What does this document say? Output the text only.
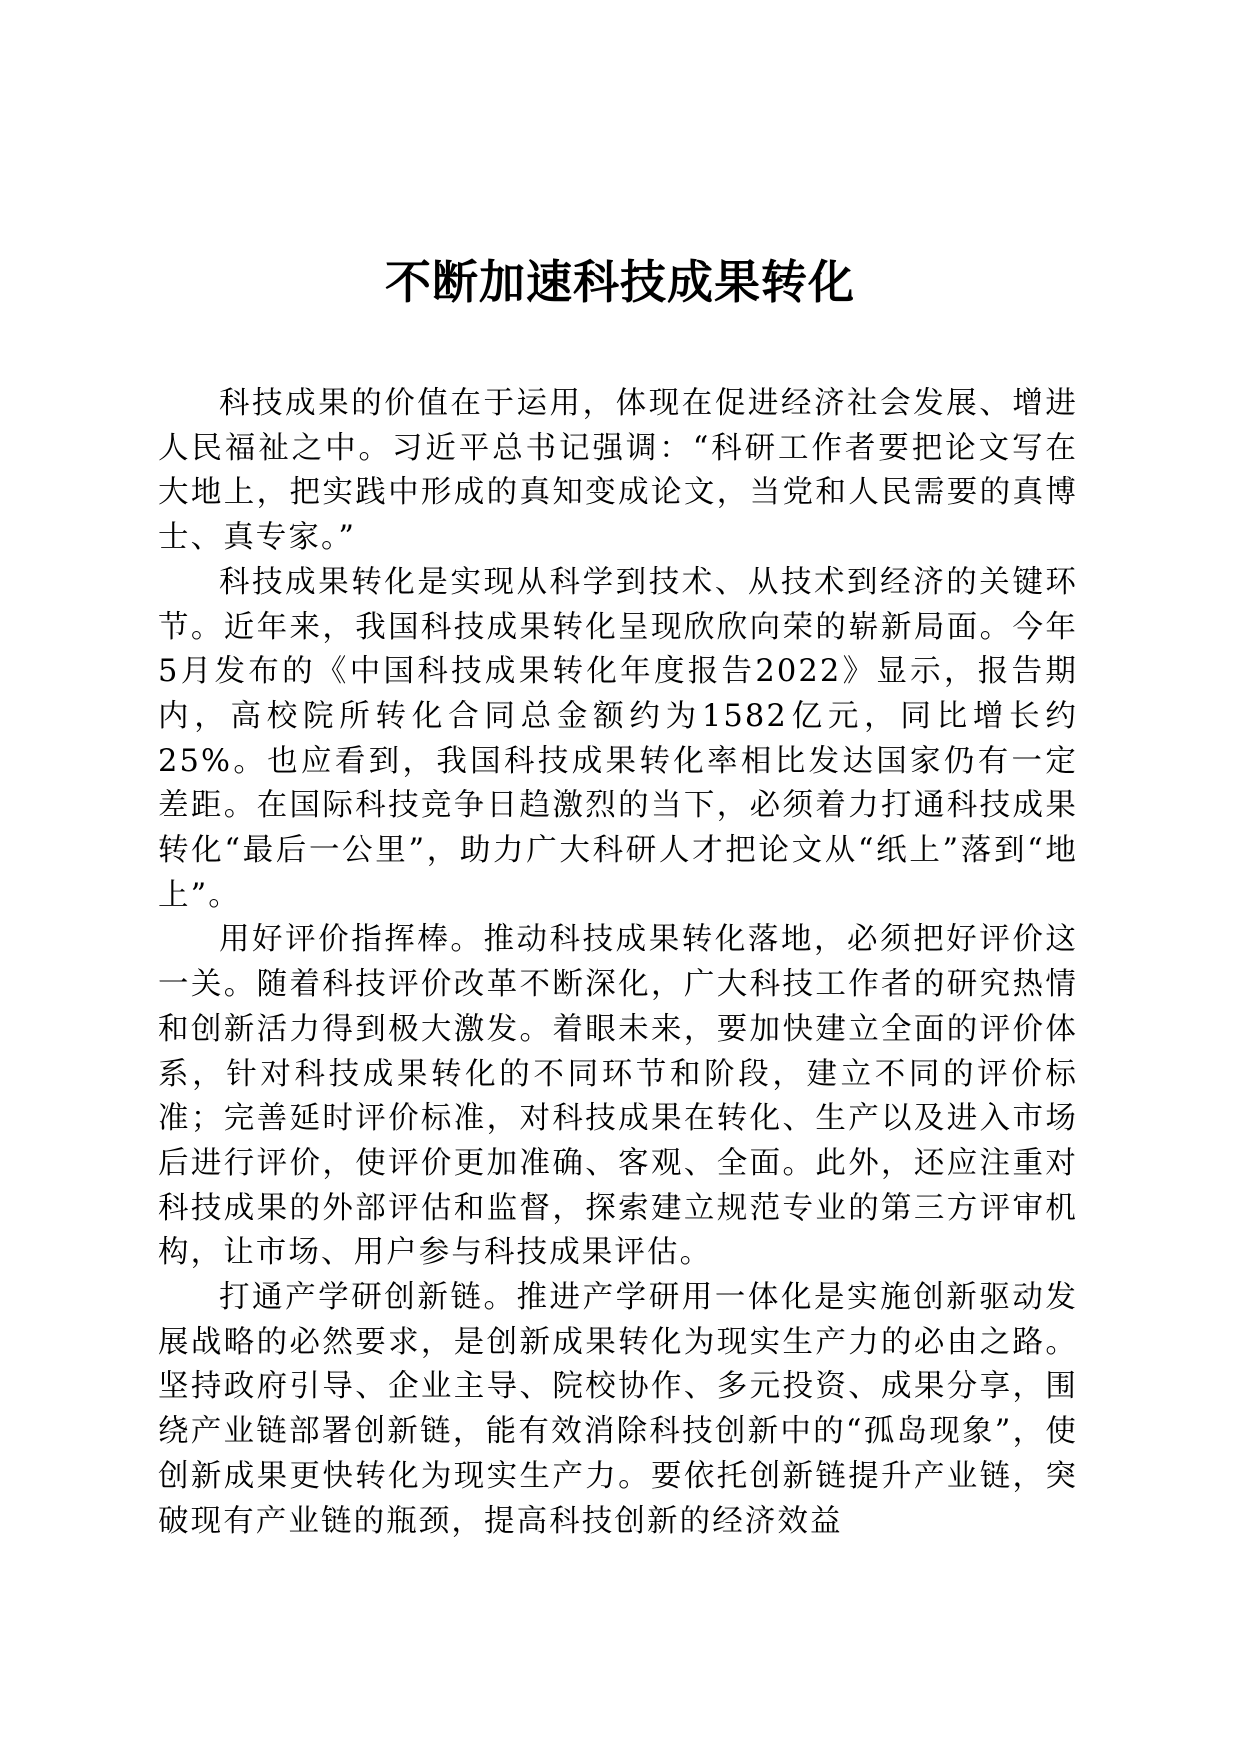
不断加速科技成果转化

科技成果的价值在于运用，体现在促进经济社会发展、增进人民福祉之中。习近平总书记强调：“科研工作者要把论文写在大地上，把实践中形成的真知变成论文，当党和人民需要的真博士、真专家。”

科技成果转化是实现从科学到技术、从技术到经济的关键环节。近年来，我国科技成果转化呈现欣欣向荣的崭新局面。今年5月发布的《中国科技成果转化年度报告2022》显示，报告期内，高校院所转化合同总金额约为1582亿元，同比增长约25%。也应看到，我国科技成果转化率相比发达国家仍有一定差距。在国际科技竞争日趋激烈的当下，必须着力打通科技成果转化“最后一公里”，助力广大科研人才把论文从“纸上”落到“地上”。

用好评价指挥棒。推动科技成果转化落地，必须把好评价这一关。随着科技评价改革不断深化，广大科技工作者的研究热情和创新活力得到极大激发。着眼未来，要加快建立全面的评价体系，针对科技成果转化的不同环节和阶段，建立不同的评价标准；完善延时评价标准，对科技成果在转化、生产以及进入市场后进行评价，使评价更加准确、客观、全面。此外，还应注重对科技成果的外部评估和监督，探索建立规范专业的第三方评审机构，让市场、用户参与科技成果评估。

打通产学研创新链。推进产学研用一体化是实施创新驱动发展战略的必然要求，是创新成果转化为现实生产力的必由之路。坚持政府引导、企业主导、院校协作、多元投资、成果分享，围绕产业链部署创新链，能有效消除科技创新中的“孤岛现象”，使创新成果更快转化为现实生产力。要依托创新链提升产业链，突破现有产业链的瓶颈，提高科技创新的经济效益
